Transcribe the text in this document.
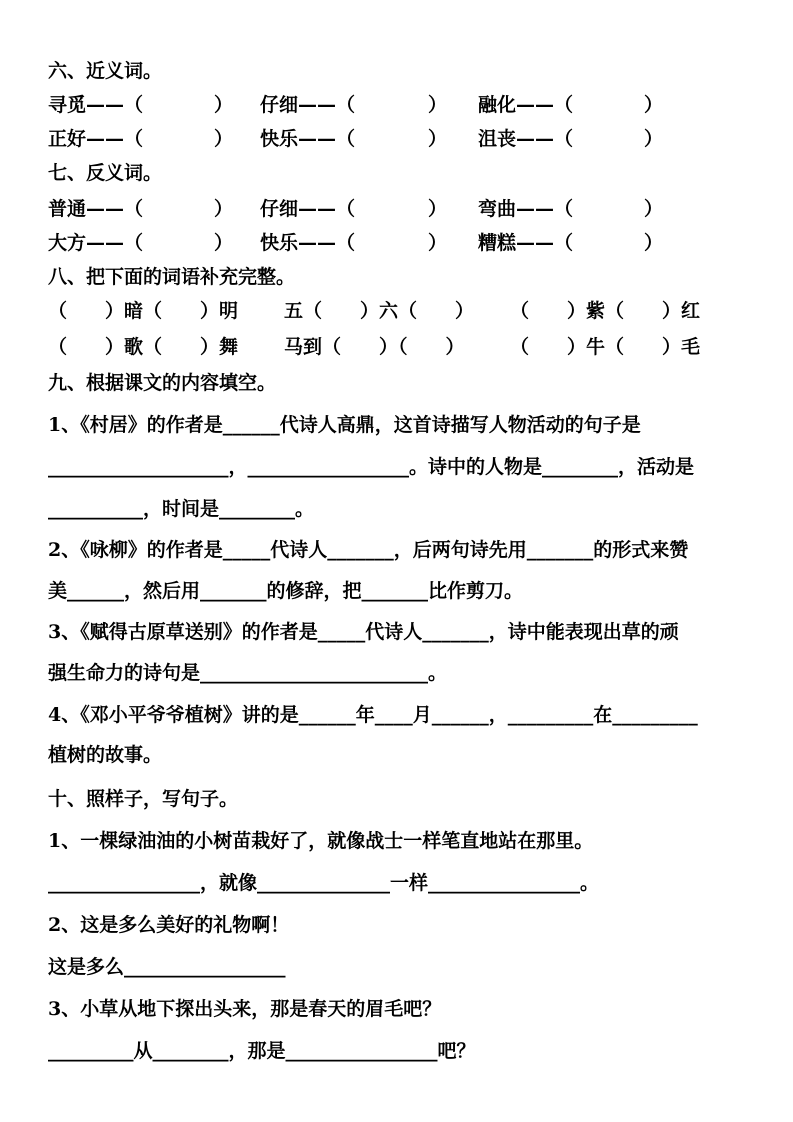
六、近义词。
寻觅——（	） 仔细——（	） 融化——（	）
正好——（	） 快乐——（	） 沮丧——（	）
七、反义词。
普通——（	） 仔细——（	） 弯曲——（	）
大方——（	） 快乐——（	） 糟糕——（	）
八、把下面的词语补充完整。
（　　）暗（　　）明 五（　　）六（　　） （　　）紫（　　）红
（　　）歌（　　）舞 马到（　　）（　　） （　　）牛（　　）毛
九、根据课文的内容填空。
1、《村居》的作者是______代诗人高鼎，这首诗描写人物活动的句子是
___________________，_________________。诗中的人物是________，活动是
__________，时间是________。
2、《咏柳》的作者是_____代诗人_______，后两句诗先用_______的形式来赞
美______，然后用_______的修辞，把_______比作剪刀。
3、《赋得古原草送别》的作者是_____代诗人_______，诗中能表现出草的顽
强生命力的诗句是________________________。
4、《邓小平爷爷植树》讲的是______年____月______，_________在_________
植树的故事。
十、照样子，写句子。
1、一棵绿油油的小树苗栽好了，就像战士一样笔直地站在那里。
________________，就像______________一样________________。
2、这是多么美好的礼物啊！
这是多么_________________
3、小草从地下探出头来，那是春天的眉毛吧？
_________从________，那是________________吧？
